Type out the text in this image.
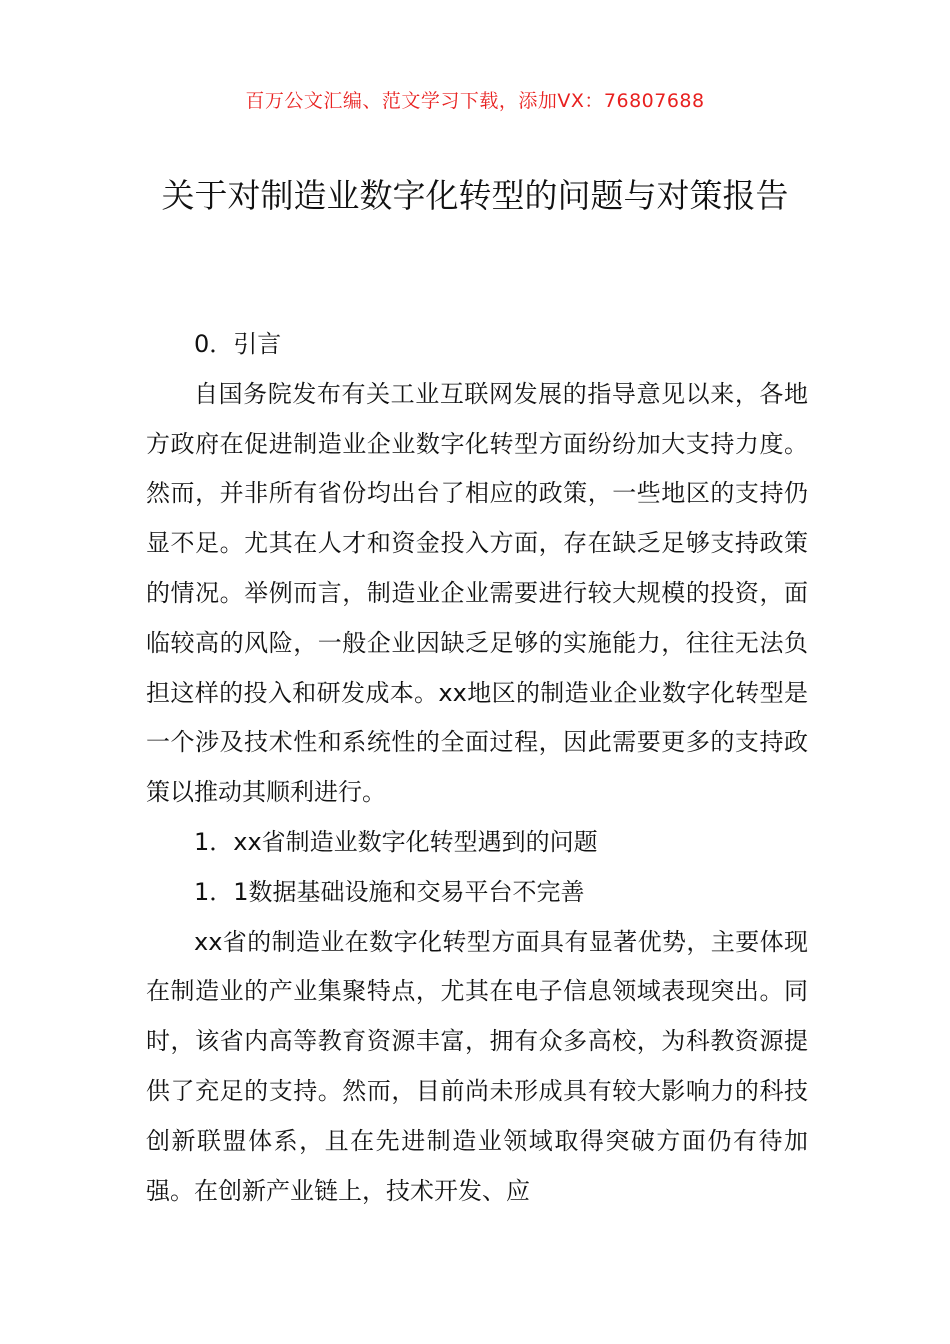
百万公文汇编、范文学习下载，添加VX：76807688
关于对制造业数字化转型的问题与对策报告

0．引言

自国务院发布有关工业互联网发展的指导意见以来，各地方政府在促进制造业企业数字化转型方面纷纷加大支持力度。然而，并非所有省份均出台了相应的政策，一些地区的支持仍显不足。尤其在人才和资金投入方面，存在缺乏足够支持政策的情况。举例而言，制造业企业需要进行较大规模的投资，面临较高的风险，一般企业因缺乏足够的实施能力，往往无法负担这样的投入和研发成本。xx地区的制造业企业数字化转型是一个涉及技术性和系统性的全面过程，因此需要更多的支持政策以推动其顺利进行。

1．xx省制造业数字化转型遇到的问题

1．1数据基础设施和交易平台不完善

xx省的制造业在数字化转型方面具有显著优势，主要体现在制造业的产业集聚特点，尤其在电子信息领域表现突出。同时，该省内高等教育资源丰富，拥有众多高校，为科教资源提供了充足的支持。然而，目前尚未形成具有较大影响力的科技创新联盟体系，且在先进制造业领域取得突破方面仍有待加强。在创新产业链上，技术开发、应
